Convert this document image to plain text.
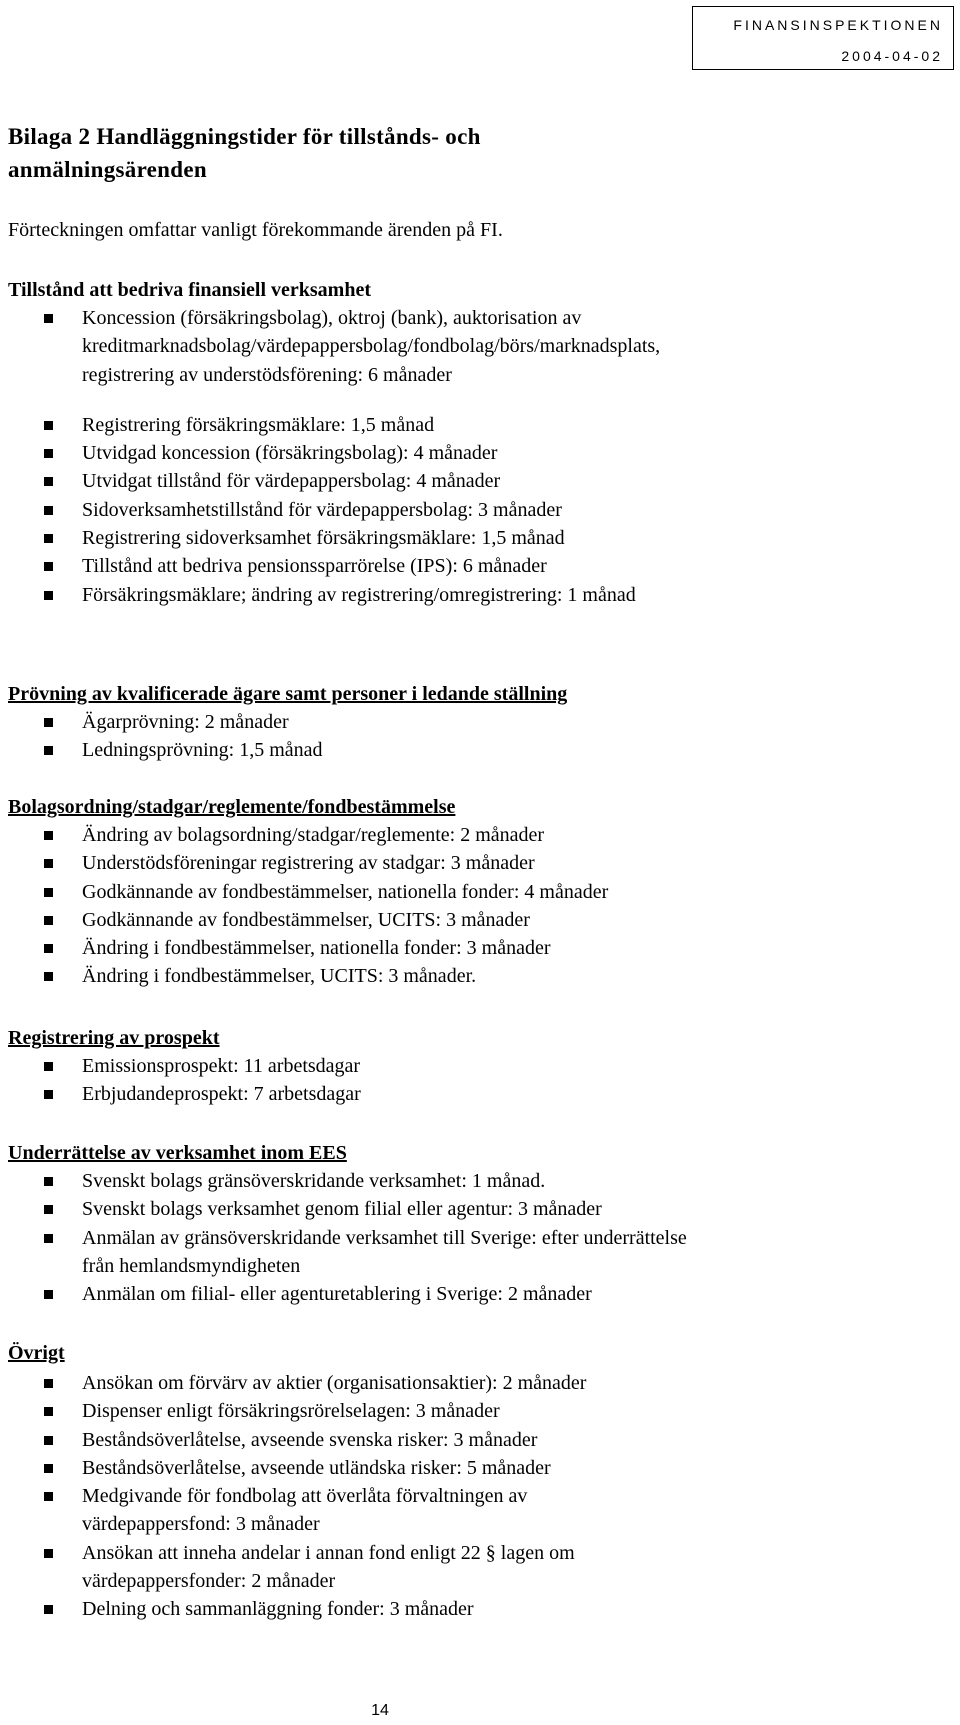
FINANSINSPEKTIONEN
2004-04-02
Bilaga 2 Handläggningstider för tillstånds- och anmälningsärenden
Förteckningen omfattar vanligt förekommande ärenden på FI.
Tillstånd att bedriva finansiell verksamhet
Koncession (försäkringsbolag), oktroj (bank), auktorisation av kreditmarknadsbolag/värdepappersbolag/fondbolag/börs/marknadsplats, registrering av understödsförening: 6 månader
Registrering försäkringsmäklare: 1,5 månad
Utvidgad koncession (försäkringsbolag): 4 månader
Utvidgat tillstånd för värdepappersbolag: 4 månader
Sidoverksamhetstillstånd för värdepappersbolag: 3 månader
Registrering sidoverksamhet försäkringsmäklare: 1,5 månad
Tillstånd att bedriva pensionssparrörelse (IPS): 6 månader
Försäkringsmäklare; ändring av registrering/omregistrering: 1 månad
Prövning av kvalificerade ägare samt personer i ledande ställning
Ägarprövning: 2 månader
Ledningsprövning: 1,5 månad
Bolagsordning/stadgar/reglemente/fondbestämmelse
Ändring av bolagsordning/stadgar/reglemente: 2 månader
Understödsföreningar registrering av stadgar: 3 månader
Godkännande av fondbestämmelser, nationella fonder: 4 månader
Godkännande av fondbestämmelser, UCITS: 3 månader
Ändring i fondbestämmelser, nationella fonder: 3 månader
Ändring i fondbestämmelser, UCITS: 3 månader.
Registrering av prospekt
Emissionsprospekt: 11 arbetsdagar
Erbjudandeprospekt: 7 arbetsdagar
Underrättelse av verksamhet inom EES
Svenskt bolags gränsöverskridande verksamhet: 1 månad.
Svenskt bolags verksamhet genom filial eller agentur: 3 månader
Anmälan av gränsöverskridande verksamhet till Sverige: efter underrättelse från hemlandsmyndigheten
Anmälan om filial- eller agenturetablering i Sverige: 2 månader
Övrigt
Ansökan om förvärv av aktier (organisationsaktier): 2 månader
Dispenser enligt försäkringsrörelselagen: 3 månader
Beståndsöverlåtelse, avseende svenska risker: 3 månader
Beståndsöverlåtelse, avseende utländska risker: 5 månader
Medgivande för fondbolag att överlåta förvaltningen av värdepappersfond: 3 månader
Ansökan att inneha andelar i annan fond enligt 22 § lagen om värdepappersfonder: 2 månader
Delning och sammanläggning fonder: 3 månader
14
